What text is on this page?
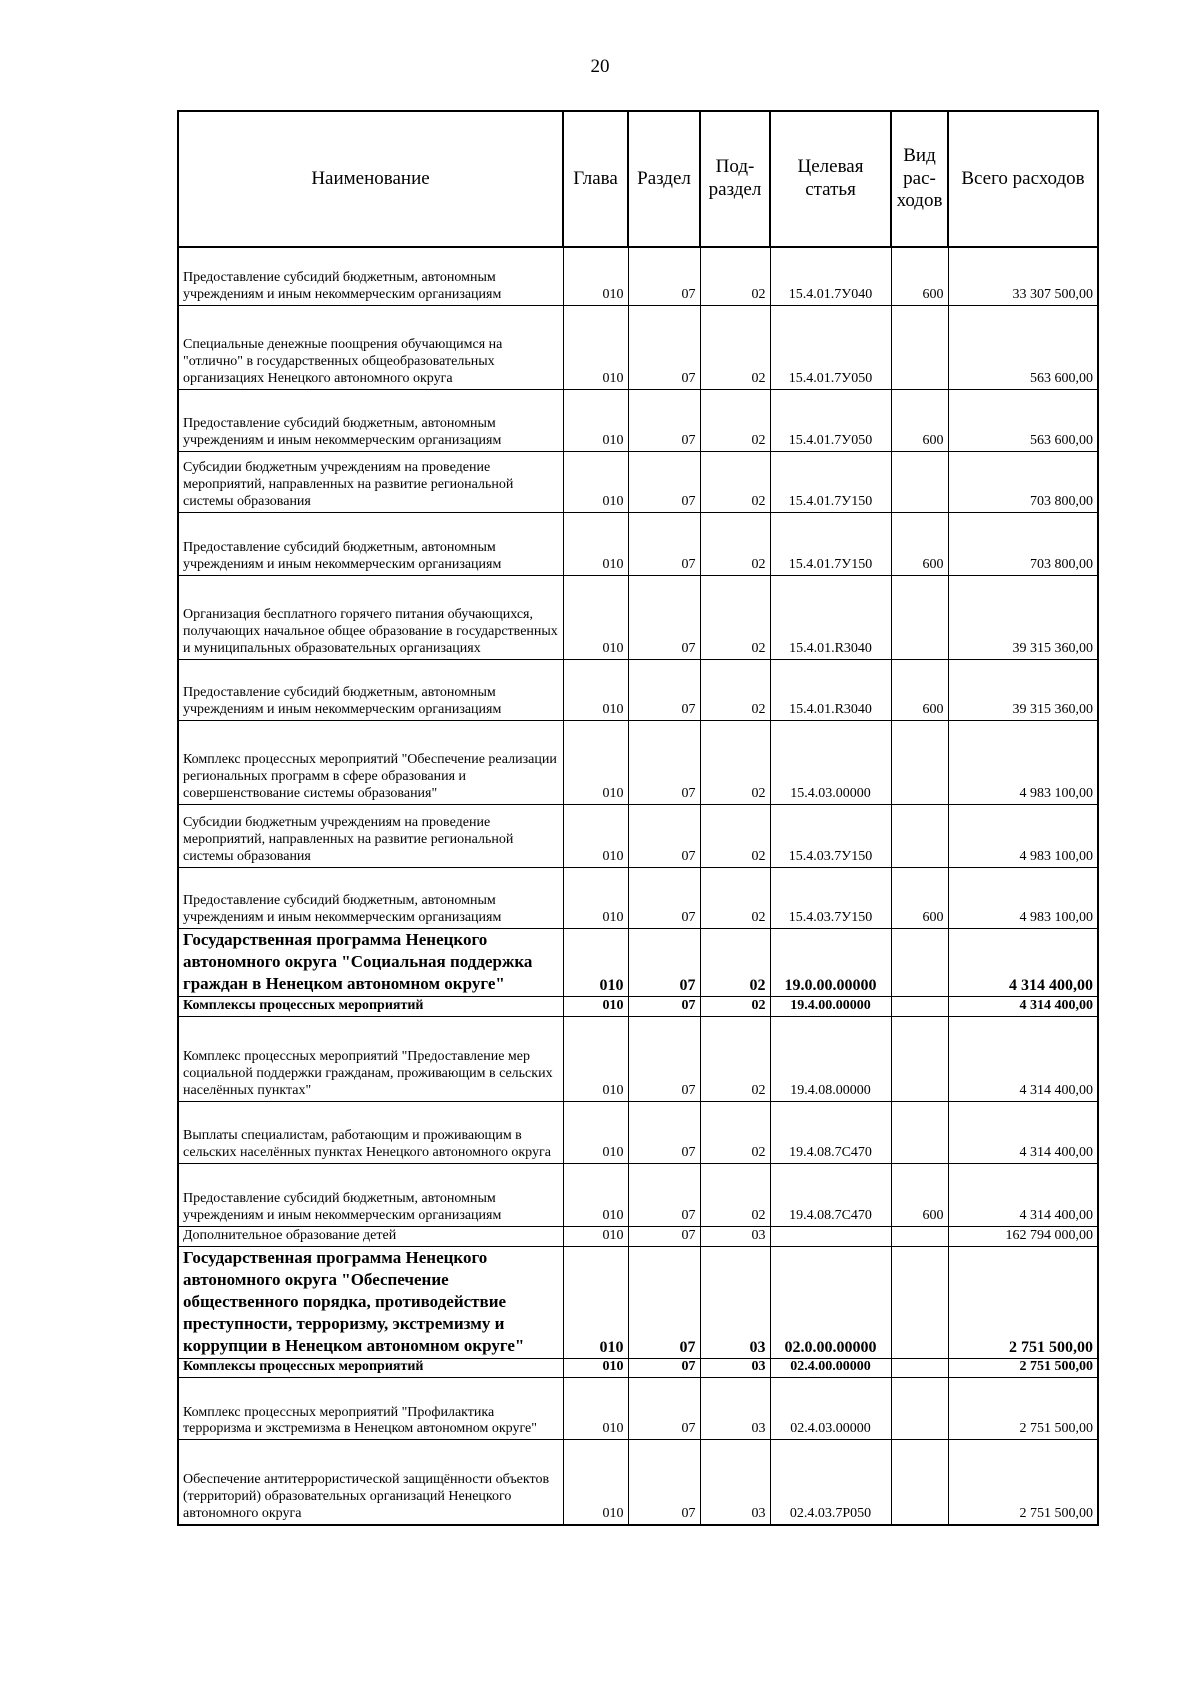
20
Наименование	Глава	Раздел	Под-раздел	Целевая статья	Вид рас-ходов	Всего расходов
Предоставление субсидий бюджетным, автономным учреждениям и иным некоммерческим организациям	010	07	02	15.4.01.7У040	600	33 307 500,00
Специальные денежные поощрения обучающимся на "отлично" в государственных общеобразовательных организациях Ненецкого автономного округа	010	07	02	15.4.01.7У050		563 600,00
Предоставление субсидий бюджетным, автономным учреждениям и иным некоммерческим организациям	010	07	02	15.4.01.7У050	600	563 600,00
Субсидии бюджетным учреждениям на проведение мероприятий, направленных на развитие региональной системы образования	010	07	02	15.4.01.7У150		703 800,00
Предоставление субсидий бюджетным, автономным учреждениям и иным некоммерческим организациям	010	07	02	15.4.01.7У150	600	703 800,00
Организация бесплатного горячего питания обучающихся, получающих начальное общее образование в государственных и муниципальных образовательных организациях	010	07	02	15.4.01.R3040		39 315 360,00
Предоставление субсидий бюджетным, автономным учреждениям и иным некоммерческим организациям	010	07	02	15.4.01.R3040	600	39 315 360,00
Комплекс процессных мероприятий "Обеспечение реализации региональных программ в сфере образования и совершенствование системы образования"	010	07	02	15.4.03.00000		4 983 100,00
Субсидии бюджетным учреждениям на проведение мероприятий, направленных на развитие региональной системы образования	010	07	02	15.4.03.7У150		4 983 100,00
Предоставление субсидий бюджетным, автономным учреждениям и иным некоммерческим организациям	010	07	02	15.4.03.7У150	600	4 983 100,00
Государственная программа Ненецкого автономного округа "Социальная поддержка граждан в Ненецком автономном округе"	010	07	02	19.0.00.00000		4 314 400,00
Комплексы процессных мероприятий	010	07	02	19.4.00.00000		4 314 400,00
Комплекс процессных мероприятий "Предоставление мер социальной поддержки гражданам, проживающим в сельских населённых пунктах"	010	07	02	19.4.08.00000		4 314 400,00
Выплаты специалистам, работающим и проживающим в сельских населённых пунктах Ненецкого автономного округа	010	07	02	19.4.08.7С470		4 314 400,00
Предоставление субсидий бюджетным, автономным учреждениям и иным некоммерческим организациям	010	07	02	19.4.08.7С470	600	4 314 400,00
Дополнительное образование детей	010	07	03			162 794 000,00
Государственная программа Ненецкого автономного округа "Обеспечение общественного порядка, противодействие преступности, терроризму, экстремизму и коррупции в Ненецком автономном округе"	010	07	03	02.0.00.00000		2 751 500,00
Комплексы процессных мероприятий	010	07	03	02.4.00.00000		2 751 500,00
Комплекс процессных мероприятий "Профилактика терроризма и экстремизма в Ненецком автономном округе"	010	07	03	02.4.03.00000		2 751 500,00
Обеспечение антитеррористической защищённости объектов (территорий) образовательных организаций Ненецкого автономного округа	010	07	03	02.4.03.7Р050		2 751 500,00
